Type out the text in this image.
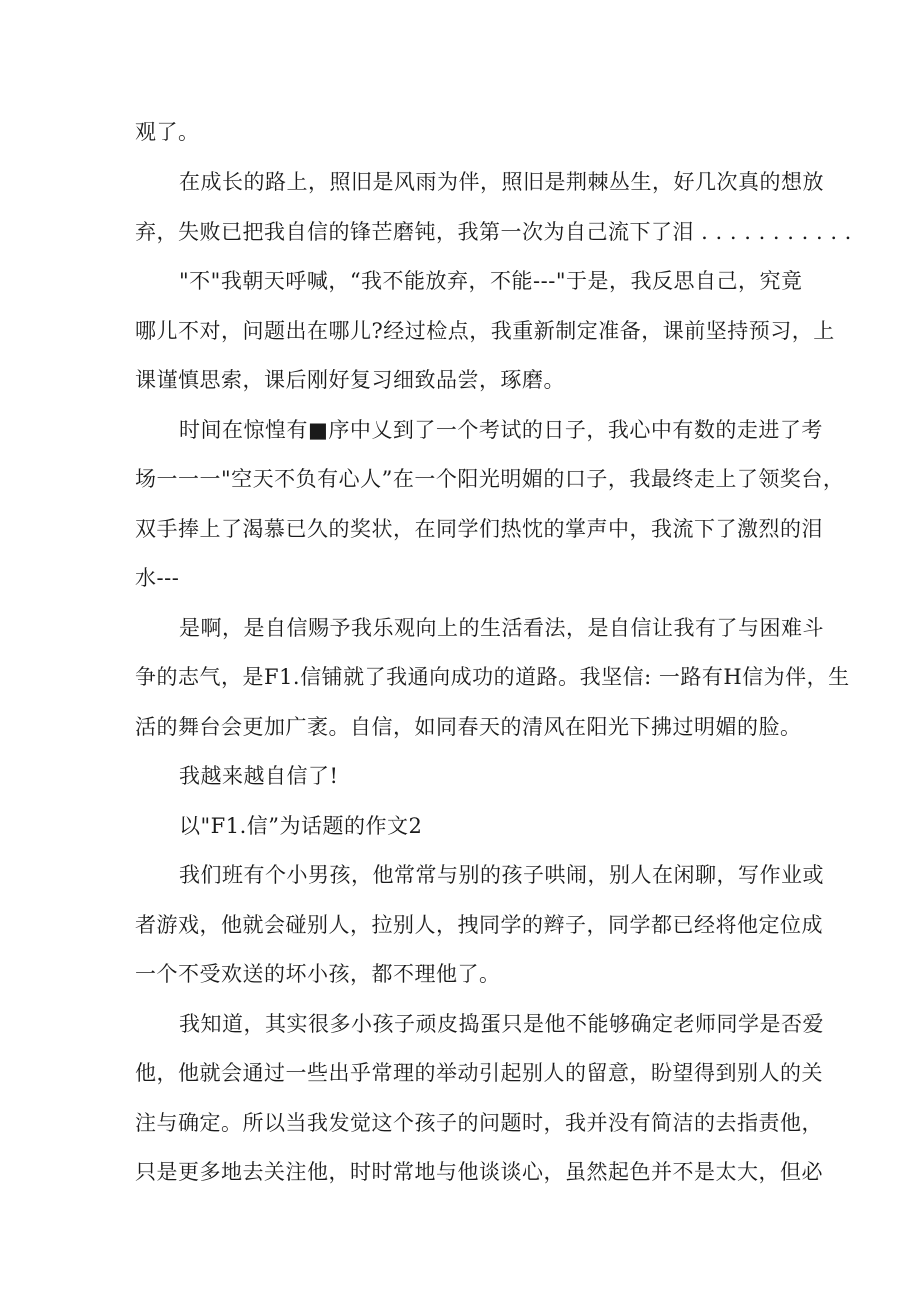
观了。
在成长的路上，照旧是风雨为伴，照旧是荆棘丛生，好几次真的想放
弃，失败已把我自信的锋芒磨钝，我第一次为自己流下了泪 . . . . . . . . . . .
"不"我朝天呼喊，“我不能放弃，不能---"于是，我反思自己，究竟
哪儿不对，问题出在哪儿?经过检点，我重新制定准备，课前坚持预习，上
课谨慎思索，课后刚好复习细致品尝，琢磨。
时间在惊惶有■序中乂到了一个考试的日子，我心中有数的走进了考
场一一一"空天不负有心人”在一个阳光明媚的口子，我最终走上了领奖台，
双手捧上了渴慕已久的奖状，在同学们热忱的掌声中，我流下了激烈的泪
水---
是啊，是自信赐予我乐观向上的生活看法，是自信让我有了与困难斗
争的志气，是F1.信铺就了我通向成功的道路。我坚信: 一路有H信为伴，生
活的舞台会更加广袤。自信，如同春天的清风在阳光下拂过明媚的脸。
我越来越自信了!
以"F1.信”为话题的作文2
我们班有个小男孩，他常常与别的孩子哄闹，别人在闲聊，写作业或
者游戏，他就会碰别人，拉别人，拽同学的辫子，同学都已经将他定位成
一个不受欢送的坏小孩，都不理他了。
我知道，其实很多小孩子顽皮捣蛋只是他不能够确定老师同学是否爱
他，他就会通过一些出乎常理的举动引起别人的留意，盼望得到别人的关
注与确定。所以当我发觉这个孩子的问题时，我并没有简洁的去指责他，
只是更多地去关注他，时时常地与他谈谈心，虽然起色并不是太大，但必
